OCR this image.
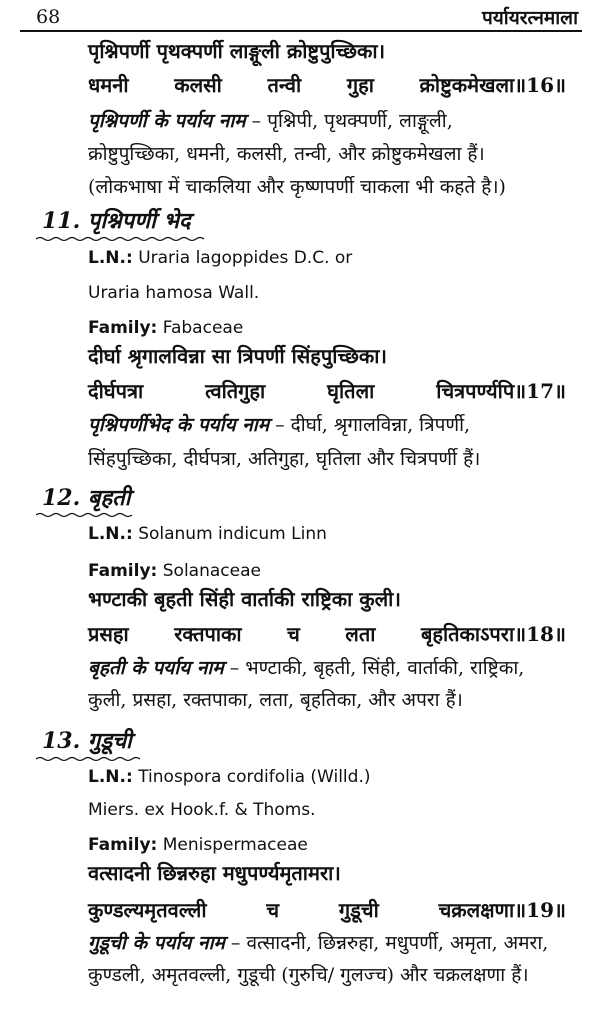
68	पर्यायरत्नमाला
पृश्निपर्णी पृथक्पर्णी लाङ्गूली क्रोष्टुपुच्छिका।
धमनी कलसी तन्वी गुहा क्रोष्टुकमेखला॥16॥
पृश्निपर्णी के पर्याय नाम – पृश्निपी, पृथक्पर्णी, लाङ्गूली,
क्रोष्टुपुच्छिका, धमनी, कलसी, तन्वी, और क्रोष्टुकमेखला हैं।
(लोकभाषा में चाकलिया और कृष्णपर्णी चाकला भी कहते है।)
11. पृश्निपर्णी भेद
L.N.: Uraria lagoppides D.C. or
Uraria hamosa Wall.
Family: Fabaceae
दीर्घा श्रृगालविन्ना सा त्रिपर्णी सिंहपुच्छिका।
दीर्घपत्रा	त्वतिगुहा	घृतिला	चित्रपर्ण्यपि॥17॥
पृश्निपर्णीभेद के पर्याय नाम – दीर्घा, श्रृगालविन्ना, त्रिपर्णी,
सिंहपुच्छिका, दीर्घपत्रा, अतिगुहा, घृतिला और चित्रपर्णी हैं।
12. बृहती
L.N.: Solanum indicum Linn
Family: Solanaceae
भण्टाकी बृहती सिंही वार्ताकी राष्ट्रिका कुली।
प्रसहा रक्तपाका च लता बृहतिकाऽपरा॥18॥
बृहती के पर्याय नाम – भण्टाकी, बृहती, सिंही, वार्ताकी, राष्ट्रिका,
कुली, प्रसहा, रक्तपाका, लता, बृहतिका, और अपरा हैं।
13. गुडूची
L.N.: Tinospora cordifolia (Willd.)
Miers. ex Hook.f. & Thoms.
Family: Menispermaceae
वत्सादनी छिन्नरुहा मधुपर्ण्यमृतामरा।
कुण्डल्यमृतवल्ली	च	गुडूची	चक्रलक्षणा॥19॥
गुडूची के पर्याय नाम – वत्सादनी, छिन्नरुहा, मधुपर्णी, अमृता, अमरा,
कुण्डली, अमृतवल्ली, गुडूची (गुरुचि/ गुलज्च) और चक्रलक्षणा हैं।
